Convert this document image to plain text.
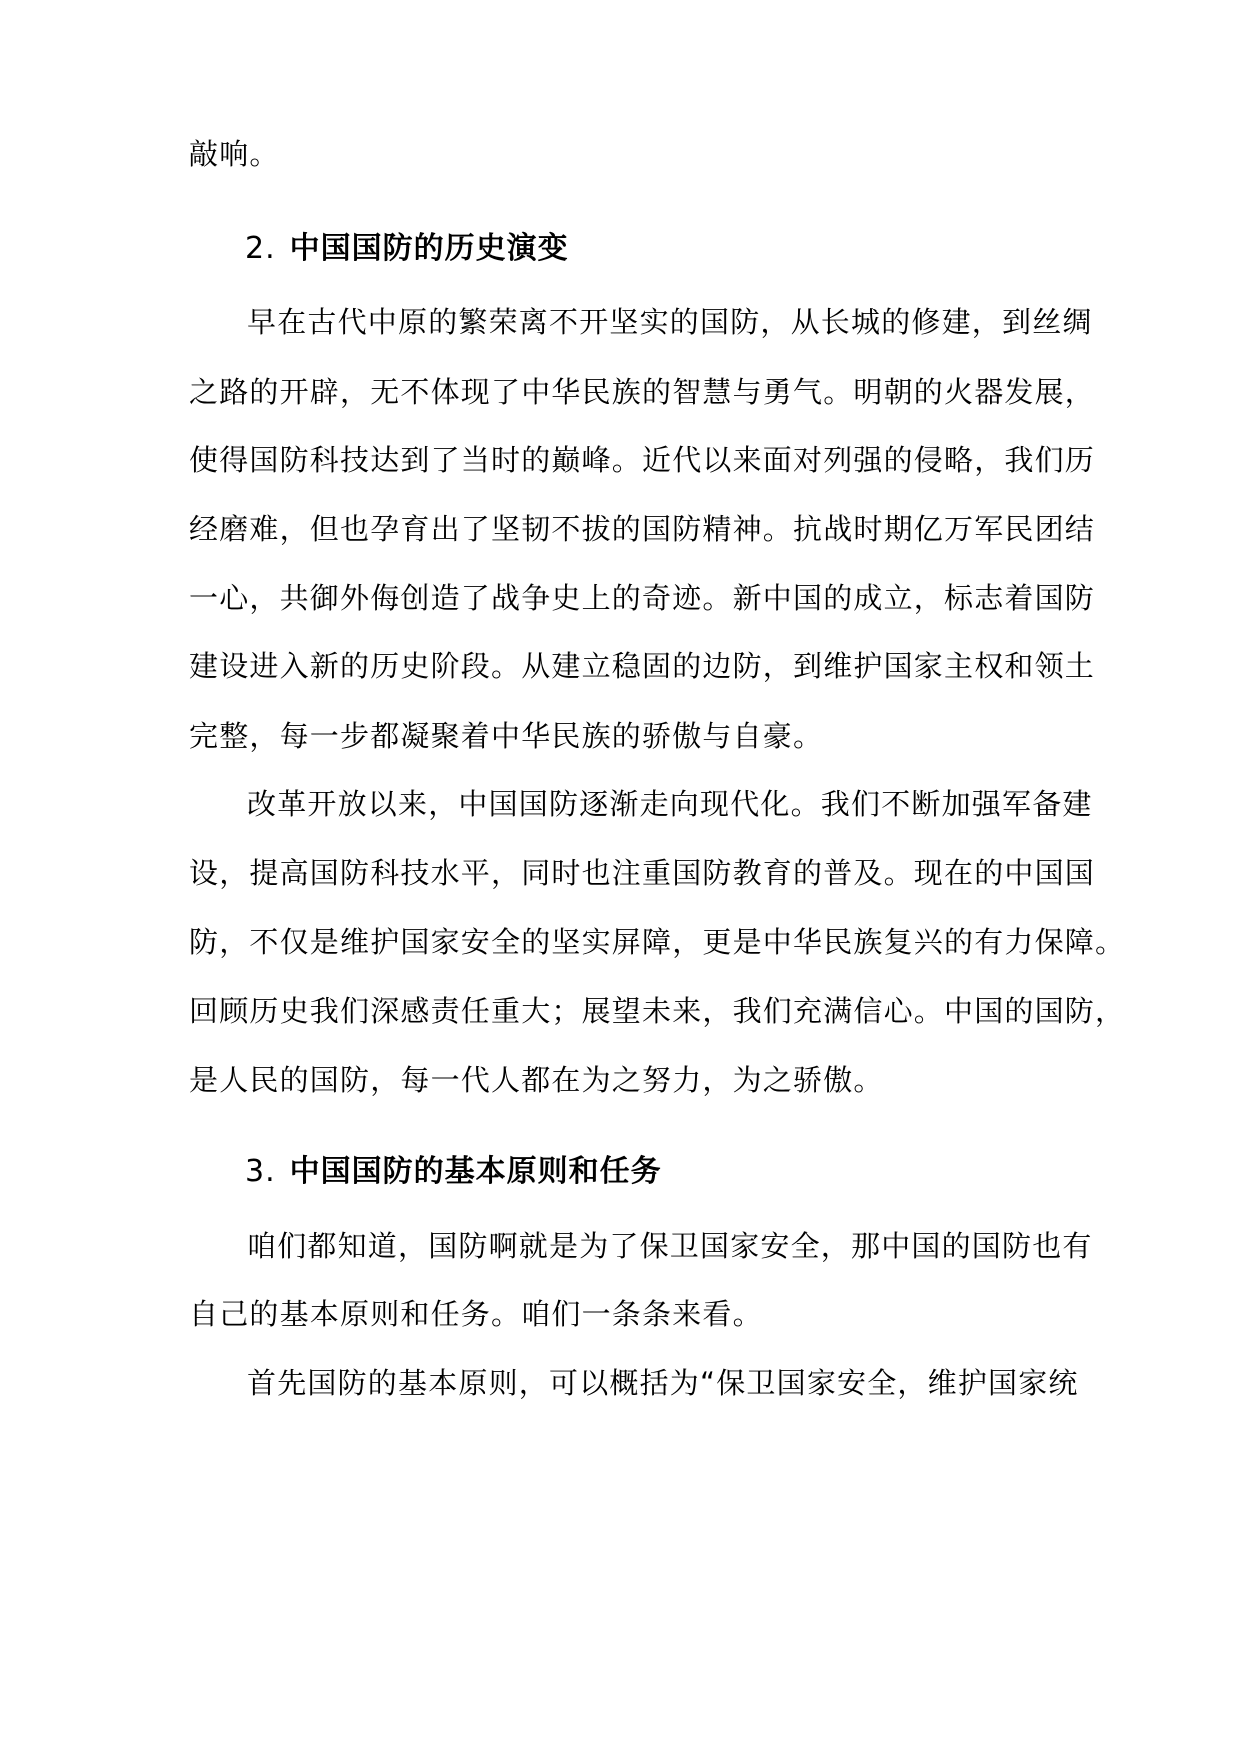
敲响。
2. 中国国防的历史演变
早在古代中原的繁荣离不开坚实的国防，从长城的修建，到丝绸
之路的开辟，无不体现了中华民族的智慧与勇气。明朝的火器发展，
使得国防科技达到了当时的巅峰。近代以来面对列强的侵略，我们历
经磨难，但也孕育出了坚韧不拔的国防精神。抗战时期亿万军民团结
一心，共御外侮创造了战争史上的奇迹。新中国的成立，标志着国防
建设进入新的历史阶段。从建立稳固的边防，到维护国家主权和领土
完整，每一步都凝聚着中华民族的骄傲与自豪。
改革开放以来，中国国防逐渐走向现代化。我们不断加强军备建
设，提高国防科技水平，同时也注重国防教育的普及。现在的中国国
防，不仅是维护国家安全的坚实屏障，更是中华民族复兴的有力保障。
回顾历史我们深感责任重大；展望未来，我们充满信心。中国的国防，
是人民的国防，每一代人都在为之努力，为之骄傲。
3. 中国国防的基本原则和任务
咱们都知道，国防啊就是为了保卫国家安全，那中国的国防也有
自己的基本原则和任务。咱们一条条来看。
首先国防的基本原则，可以概括为“保卫国家安全，维护国家统
